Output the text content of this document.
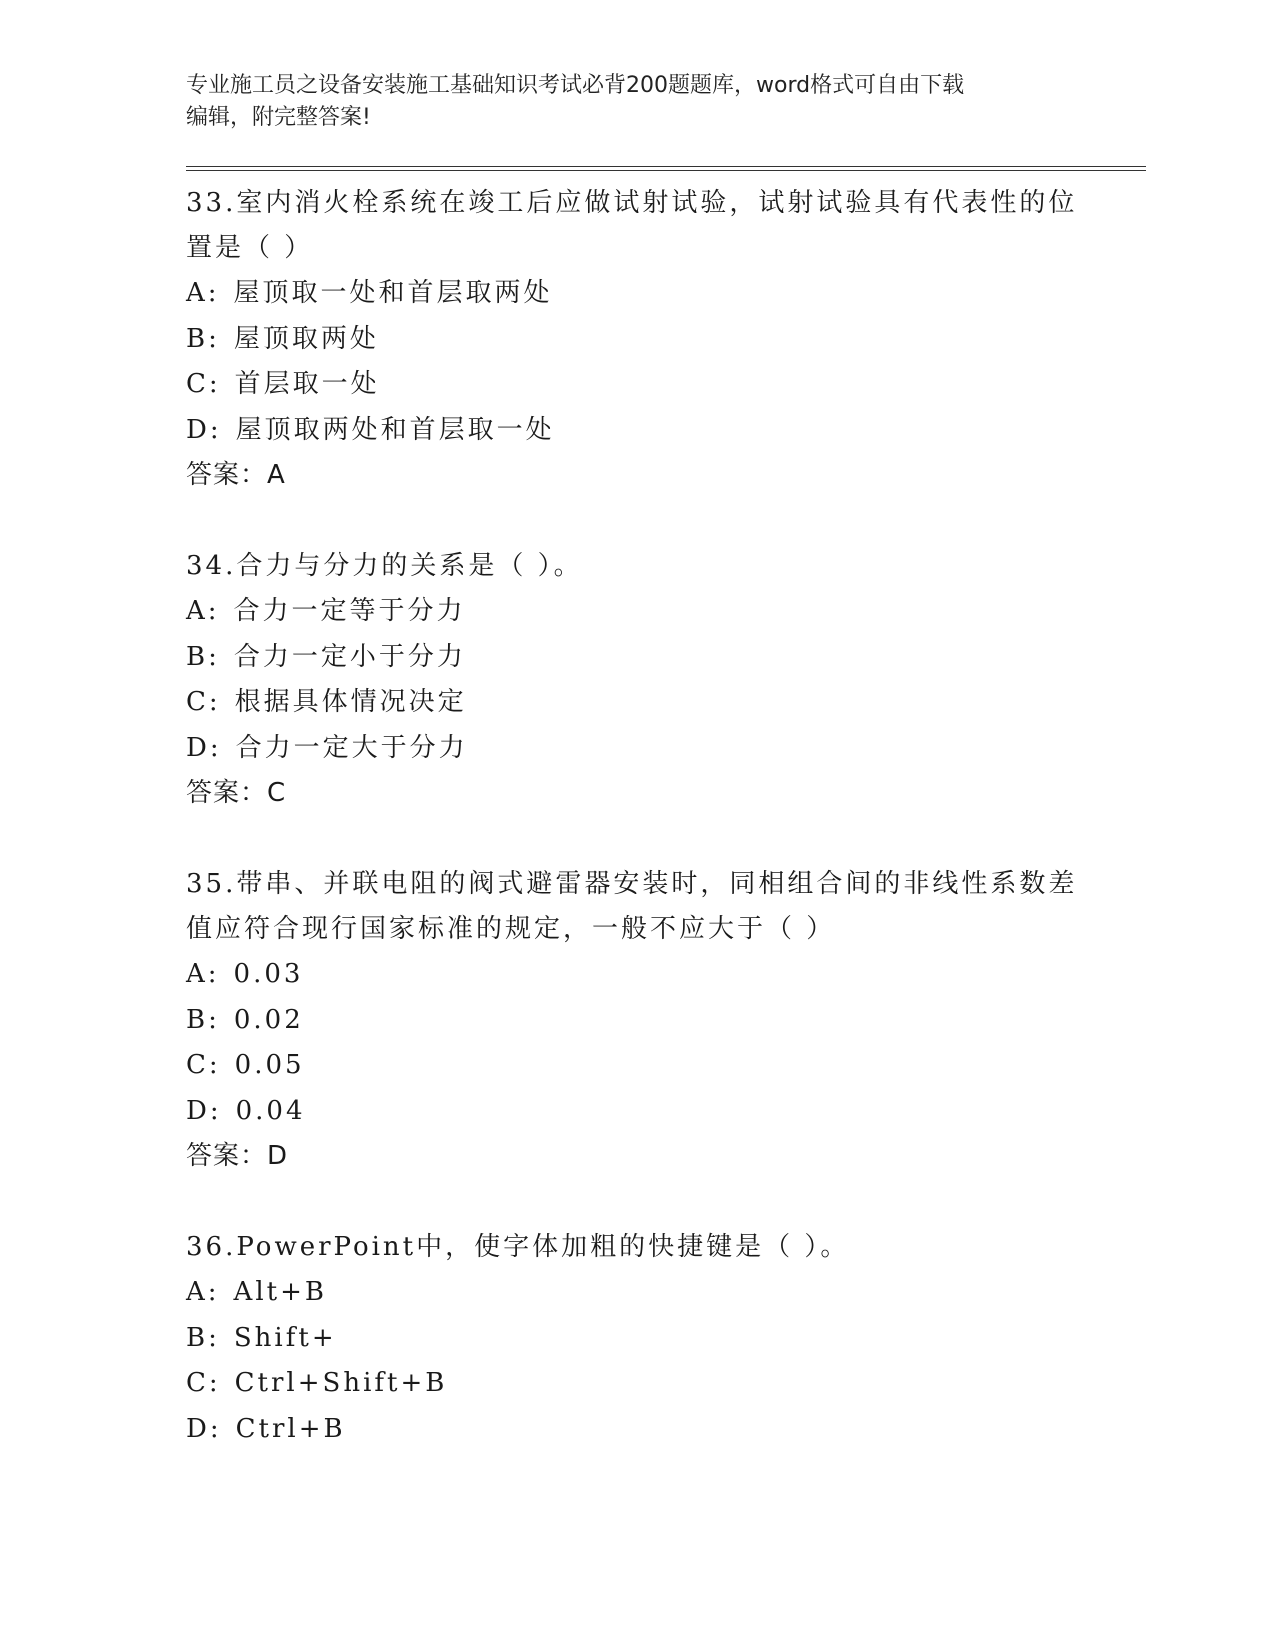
专业施工员之设备安装施工基础知识考试必背200题题库，word格式可自由下载
编辑，附完整答案!
33.室内消火栓系统在竣工后应做试射试验，试射试验具有代表性的位
置是（ ）
A: 屋顶取一处和首层取两处
B: 屋顶取两处
C: 首层取一处
D: 屋顶取两处和首层取一处
答案：A
34.合力与分力的关系是（ ）。
A: 合力一定等于分力
B: 合力一定小于分力
C: 根据具体情况决定
D: 合力一定大于分力
答案：C
35.带串、并联电阻的阀式避雷器安装时，同相组合间的非线性系数差
值应符合现行国家标准的规定，一般不应大于（ ）
A: 0.03
B: 0.02
C: 0.05
D: 0.04
答案：D
36.PowerPoint中，使字体加粗的快捷键是（ ）。
A: Alt+B
B: Shift+
C: Ctrl+Shift+B
D: Ctrl+B
